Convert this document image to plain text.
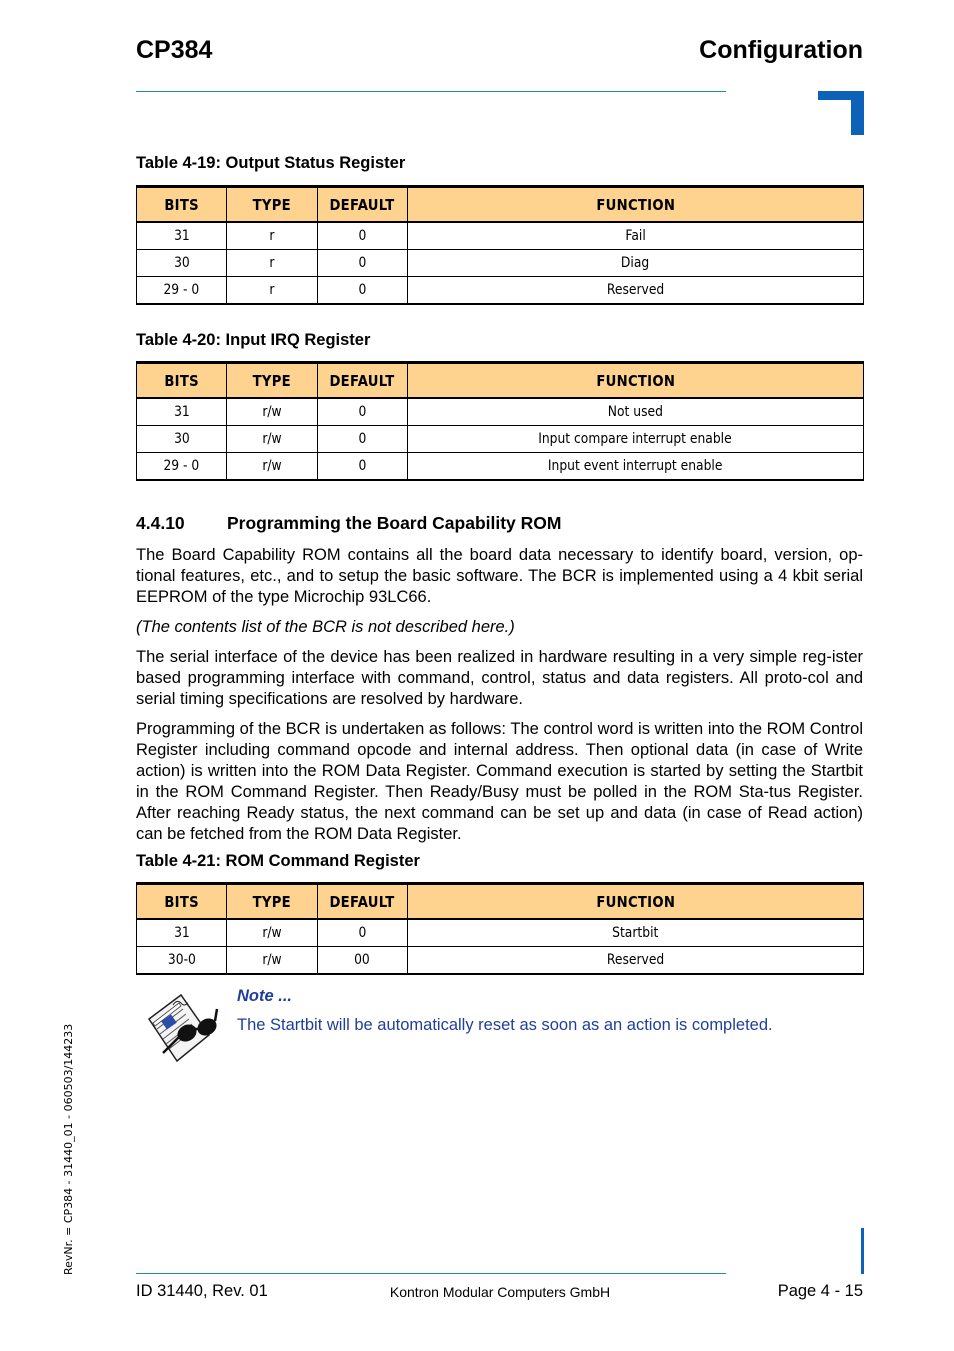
CP384	Configuration
Table 4-19: Output Status Register
BITS	TYPE	DEFAULT	FUNCTION
31	r	0	Fail
30	r	0	Diag
29 - 0	r	0	Reserved
Table 4-20: Input IRQ Register
BITS	TYPE	DEFAULT	FUNCTION
31	r/w	0	Not used
30	r/w	0	Input compare interrupt enable
29 - 0	r/w	0	Input event interrupt enable
4.4.10 Programming the Board Capability ROM
The Board Capability ROM contains all the board data necessary to identify board, version, op-tional features, etc., and to setup the basic software. The BCR is implemented using a 4 kbit serial EEPROM of the type Microchip 93LC66.
(The contents list of the BCR is not described here.)
The serial interface of the device has been realized in hardware resulting in a very simple reg-ister based programming interface with command, control, status and data registers. All proto-col and serial timing specifications are resolved by hardware.
Programming of the BCR is undertaken as follows: The control word is written into the ROM Control Register including command opcode and internal address. Then optional data (in case of Write action) is written into the ROM Data Register. Command execution is started by setting the Startbit in the ROM Command Register. Then Ready/Busy must be polled in the ROM Sta-tus Register. After reaching Ready status, the next command can be set up and data (in case of Read action) can be fetched from the ROM Data Register.
Table 4-21: ROM Command Register
BITS	TYPE	DEFAULT	FUNCTION
31	r/w	0	Startbit
30-0	r/w	00	Reserved
Note ...
The Startbit will be automatically reset as soon as an action is completed.
RevNr. = CP384 - 31440_01 - 060503/144233
ID 31440, Rev. 01	Kontron Modular Computers GmbH	Page 4 - 15
